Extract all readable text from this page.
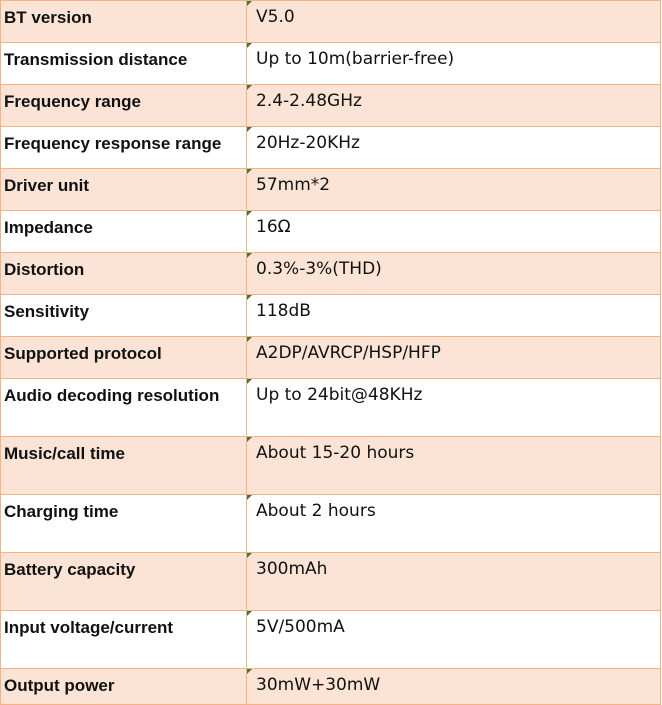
BT version	V5.0

Transmission distance	Up to 10m(barrier-free)

Frequency range	2.4-2.48GHz

Frequency response range	20Hz-20KHz

Driver unit	57mm*2

Impedance	16Ω

Distortion	0.3%-3%(THD)

Sensitivity	118dB

Supported protocol	A2DP/AVRCP/HSP/HFP

Audio decoding resolution	Up to 24bit@48KHz

Music/call time	About 15-20 hours

Charging time	About 2 hours

Battery capacity	300mAh

Input voltage/current	5V/500mA

Output power	30mW+30mW
